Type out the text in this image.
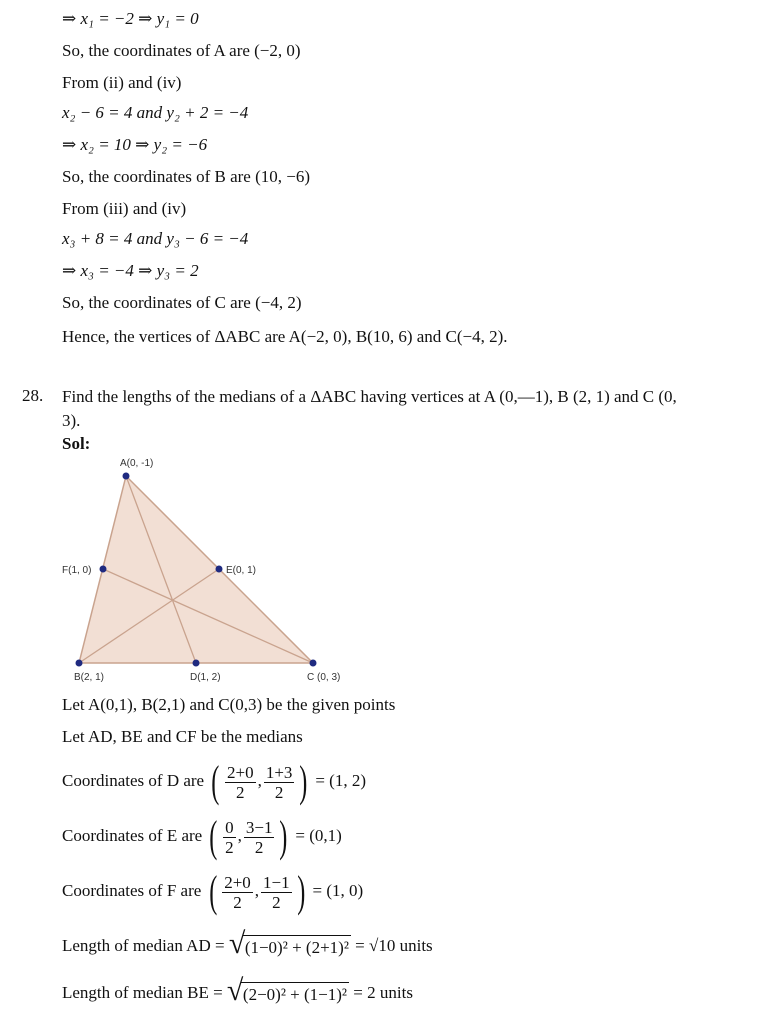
⇒ x₁ = −2 ⇒ y₁ = 0
So, the coordinates of A are (−2, 0)
From (ii) and (iv)
x₂ − 6 = 4 and y₂ + 2 = −4
⇒ x₂ = 10 ⇒ y₂ = −6
So, the coordinates of B are (10, −6)
From (iii) and (iv)
x₃ + 8 = 4 and y₃ − 6 = −4
⇒ x₃ = −4 ⇒ y₃ = 2
So, the coordinates of C are (−4, 2)
Hence, the vertices of ΔABC are A(−2, 0), B(10, 6) and C(−4, 2).
28. Find the lengths of the medians of a ΔABC having vertices at A (0,—1), B (2, 1) and C (0,
3).
Sol:
A(0, -1)
B(2, 1)	C (0, 3)
D(1, 2)
E(0, 1)
F(1, 0)
Let A(0,1), B(2,1) and C(0,3) be the given points
Let AD, BE and CF be the medians
Coordinates of D are ( $\frac{2+0}{2}$ , $\frac{1+3}{2}$ ) = (1, 2)
Coordinates of E are ( $\frac{0}{2}$ , $\frac{3-1}{2}$ ) = (0,1)
Coordinates of F are ( $\frac{2+0}{2}$ , $\frac{1-1}{2}$ ) = (1, 0)
Length of median AD = √ (1−0)² + (2+1)² = √10 units
Length of median BE = √ (2−0)² + (1−1)² = 2 units
